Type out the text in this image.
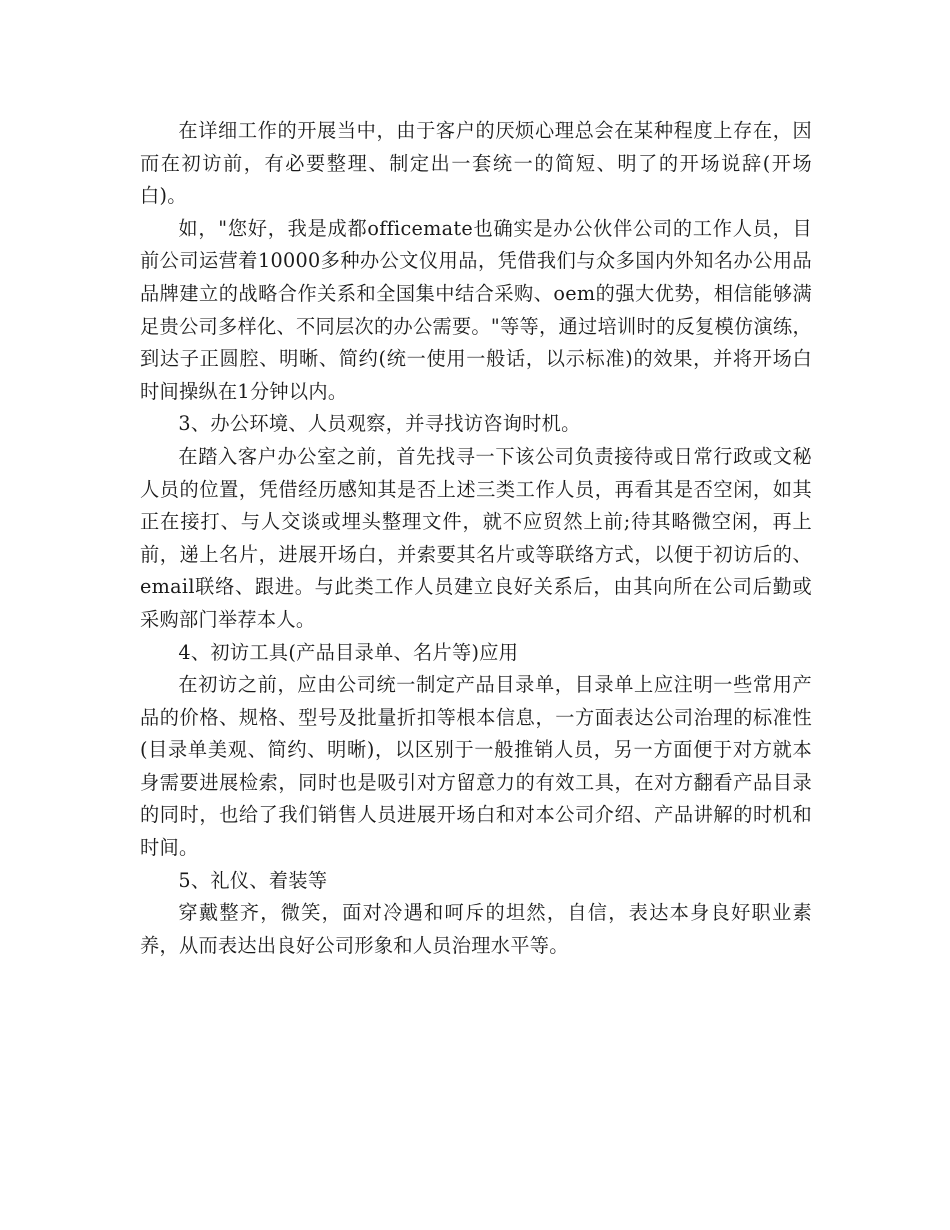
在详细工作的开展当中，由于客户的厌烦心理总会在某种程度上存在，因而在初访前，有必要整理、制定出一套统一的简短、明了的开场说辞(开场白)。

如，"您好，我是成都officemate也确实是办公伙伴公司的工作人员，目前公司运营着10000多种办公文仪用品，凭借我们与众多国内外知名办公用品品牌建立的战略合作关系和全国集中结合采购、oem的强大优势，相信能够满足贵公司多样化、不同层次的办公需要。"等等，通过培训时的反复模仿演练，到达子正圆腔、明晰、简约(统一使用一般话，以示标准)的效果，并将开场白时间操纵在1分钟以内。

3、办公环境、人员观察，并寻找访咨询时机。

在踏入客户办公室之前，首先找寻一下该公司负责接待或日常行政或文秘人员的位置，凭借经历感知其是否上述三类工作人员，再看其是否空闲，如其正在接打、与人交谈或埋头整理文件，就不应贸然上前;待其略微空闲，再上前，递上名片，进展开场白，并索要其名片或等联络方式，以便于初访后的、email联络、跟进。与此类工作人员建立良好关系后，由其向所在公司后勤或采购部门举荐本人。

4、初访工具(产品目录单、名片等)应用

在初访之前，应由公司统一制定产品目录单，目录单上应注明一些常用产品的价格、规格、型号及批量折扣等根本信息，一方面表达公司治理的标准性(目录单美观、简约、明晰)，以区别于一般推销人员，另一方面便于对方就本身需要进展检索，同时也是吸引对方留意力的有效工具，在对方翻看产品目录的同时，也给了我们销售人员进展开场白和对本公司介绍、产品讲解的时机和时间。

5、礼仪、着装等

穿戴整齐，微笑，面对冷遇和呵斥的坦然，自信，表达本身良好职业素养，从而表达出良好公司形象和人员治理水平等。
